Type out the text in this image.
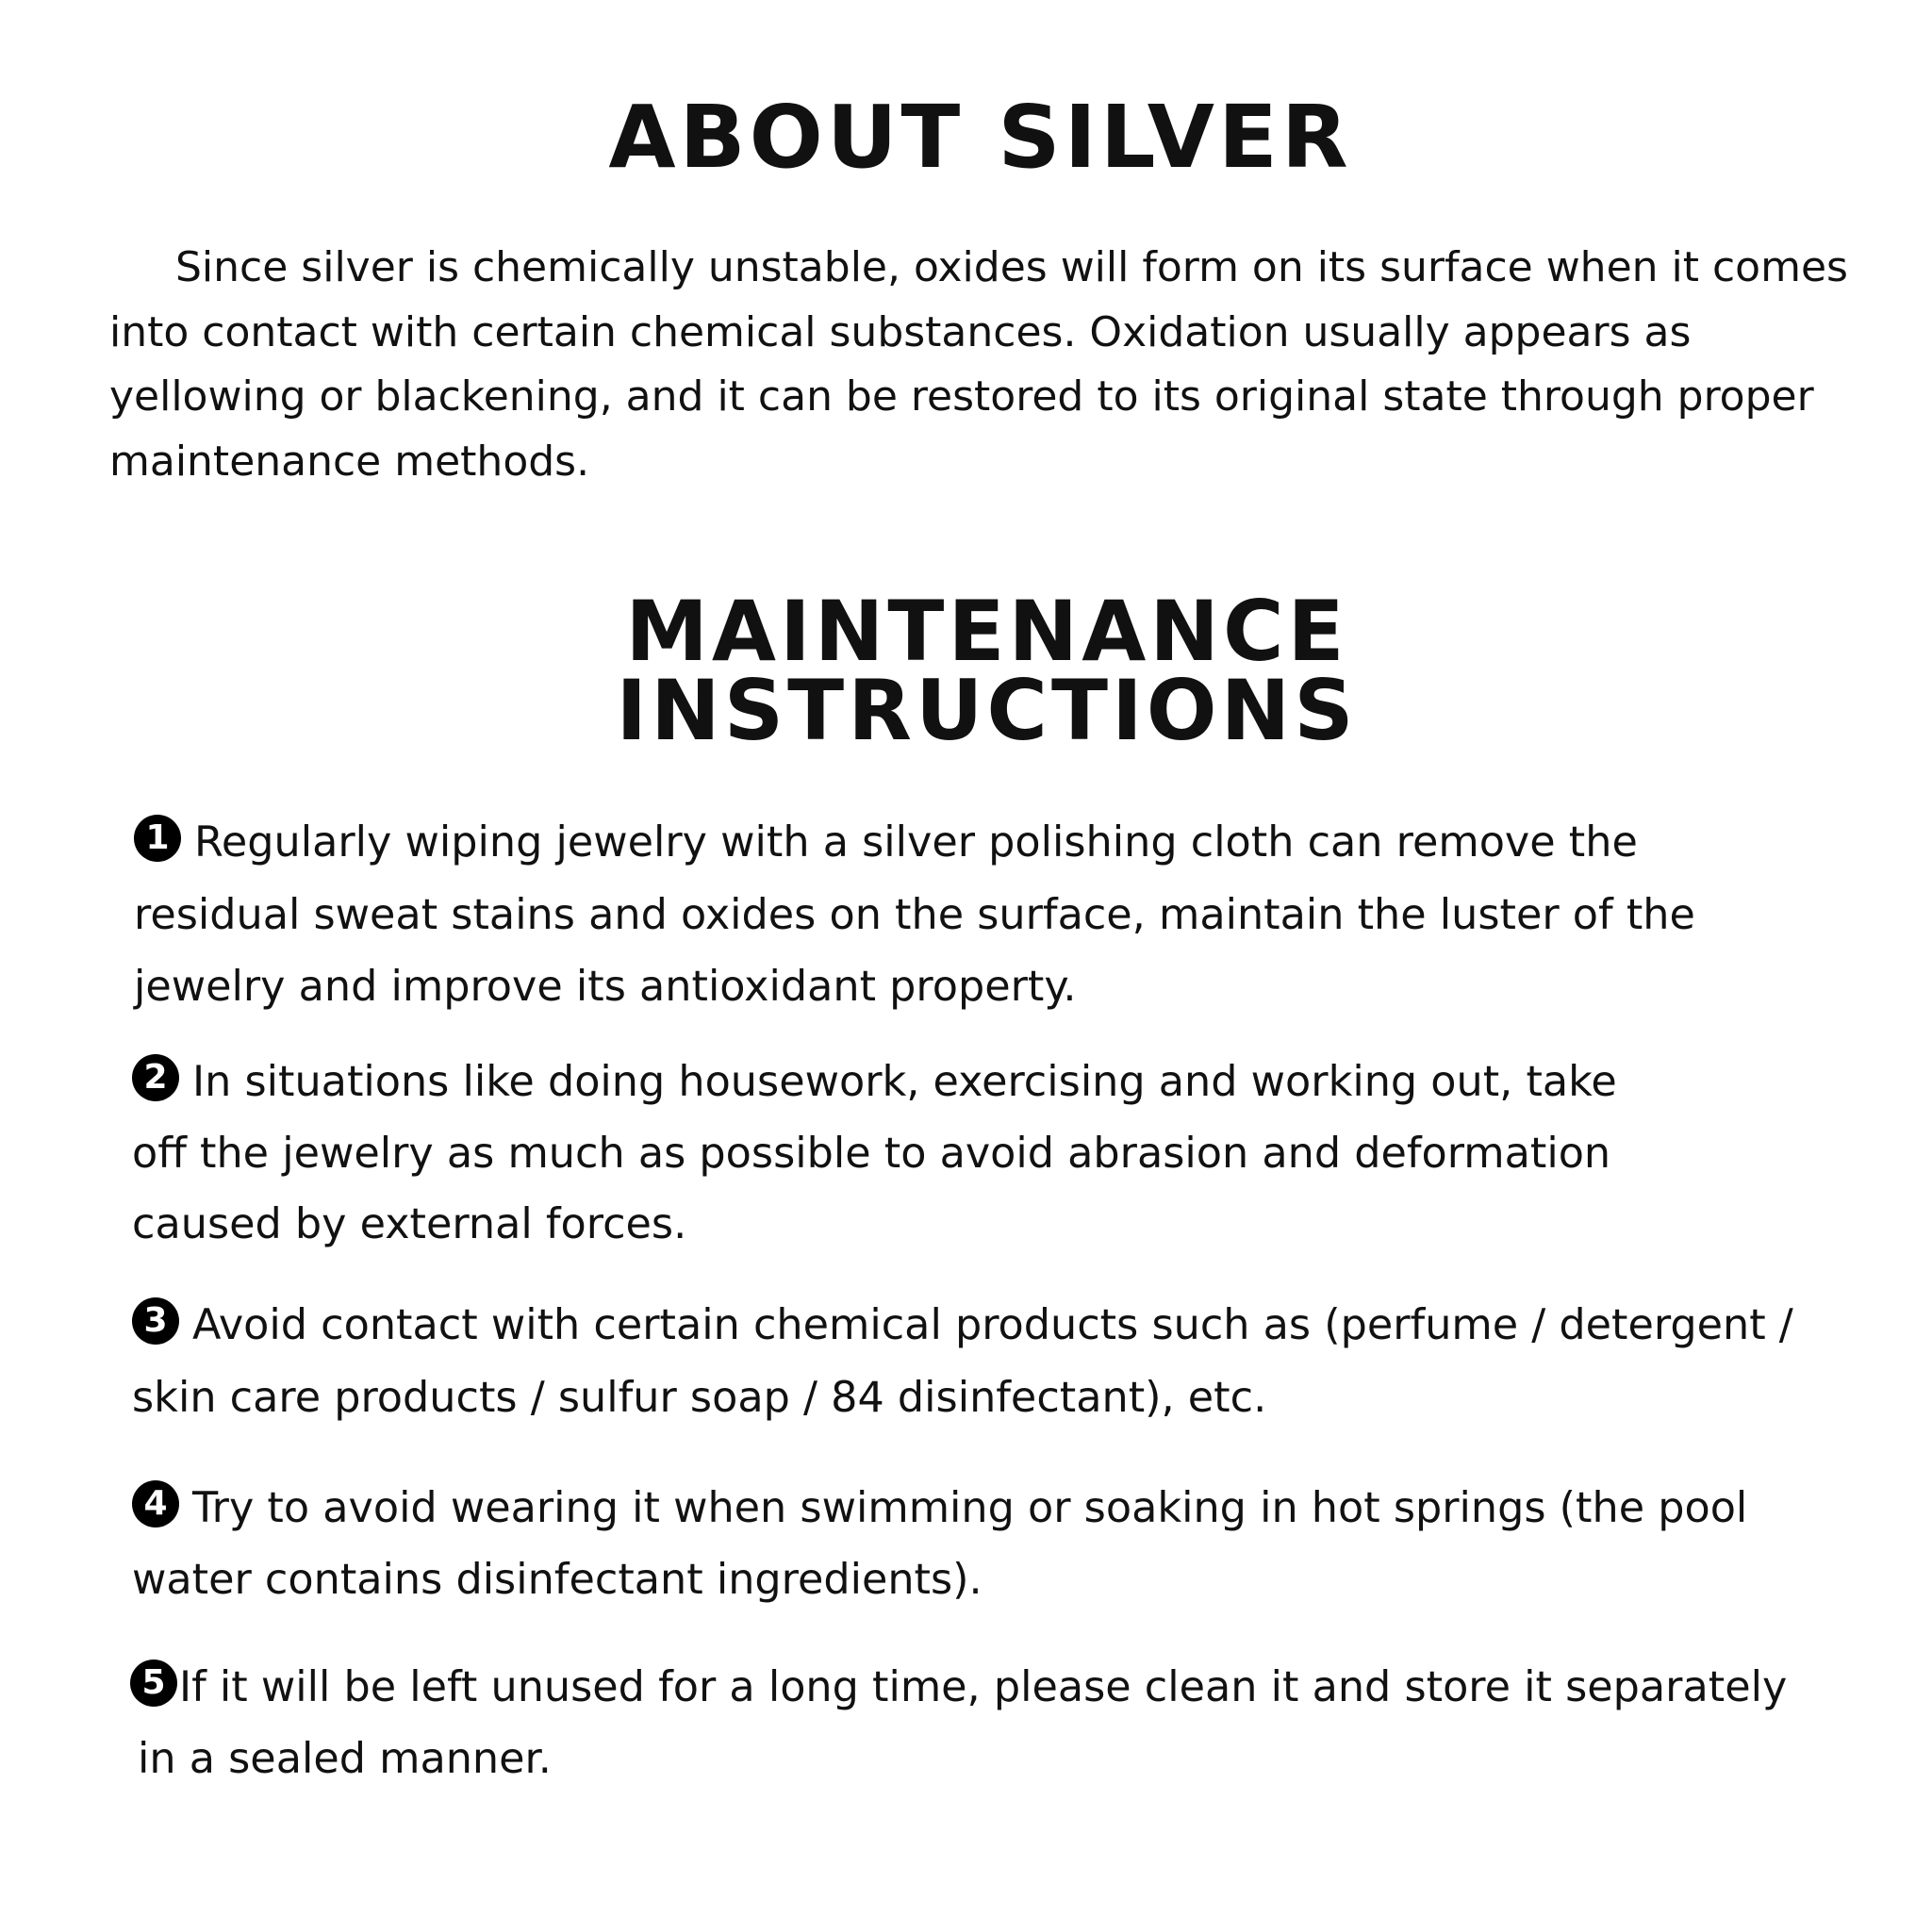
ABOUT SILVER

Since silver is chemically unstable, oxides will form on its surface when it comes into contact with certain chemical substances. Oxidation usually appears as yellowing or blackening, and it can be restored to its original state through proper maintenance methods.

MAINTENANCE
INSTRUCTIONS

1 Regularly wiping jewelry with a silver polishing cloth can remove the
residual sweat stains and oxides on the surface, maintain the luster of the
jewelry and improve its antioxidant property.

2 In situations like doing housework, exercising and working out, take
off the jewelry as much as possible to avoid abrasion and deformation
caused by external forces.

3 Avoid contact with certain chemical products such as (perfume / detergent /
skin care products / sulfur soap / 84 disinfectant), etc.

4 Try to avoid wearing it when swimming or soaking in hot springs (the pool
water contains disinfectant ingredients).

5 If it will be left unused for a long time, please clean it and store it separately
in a sealed manner.
